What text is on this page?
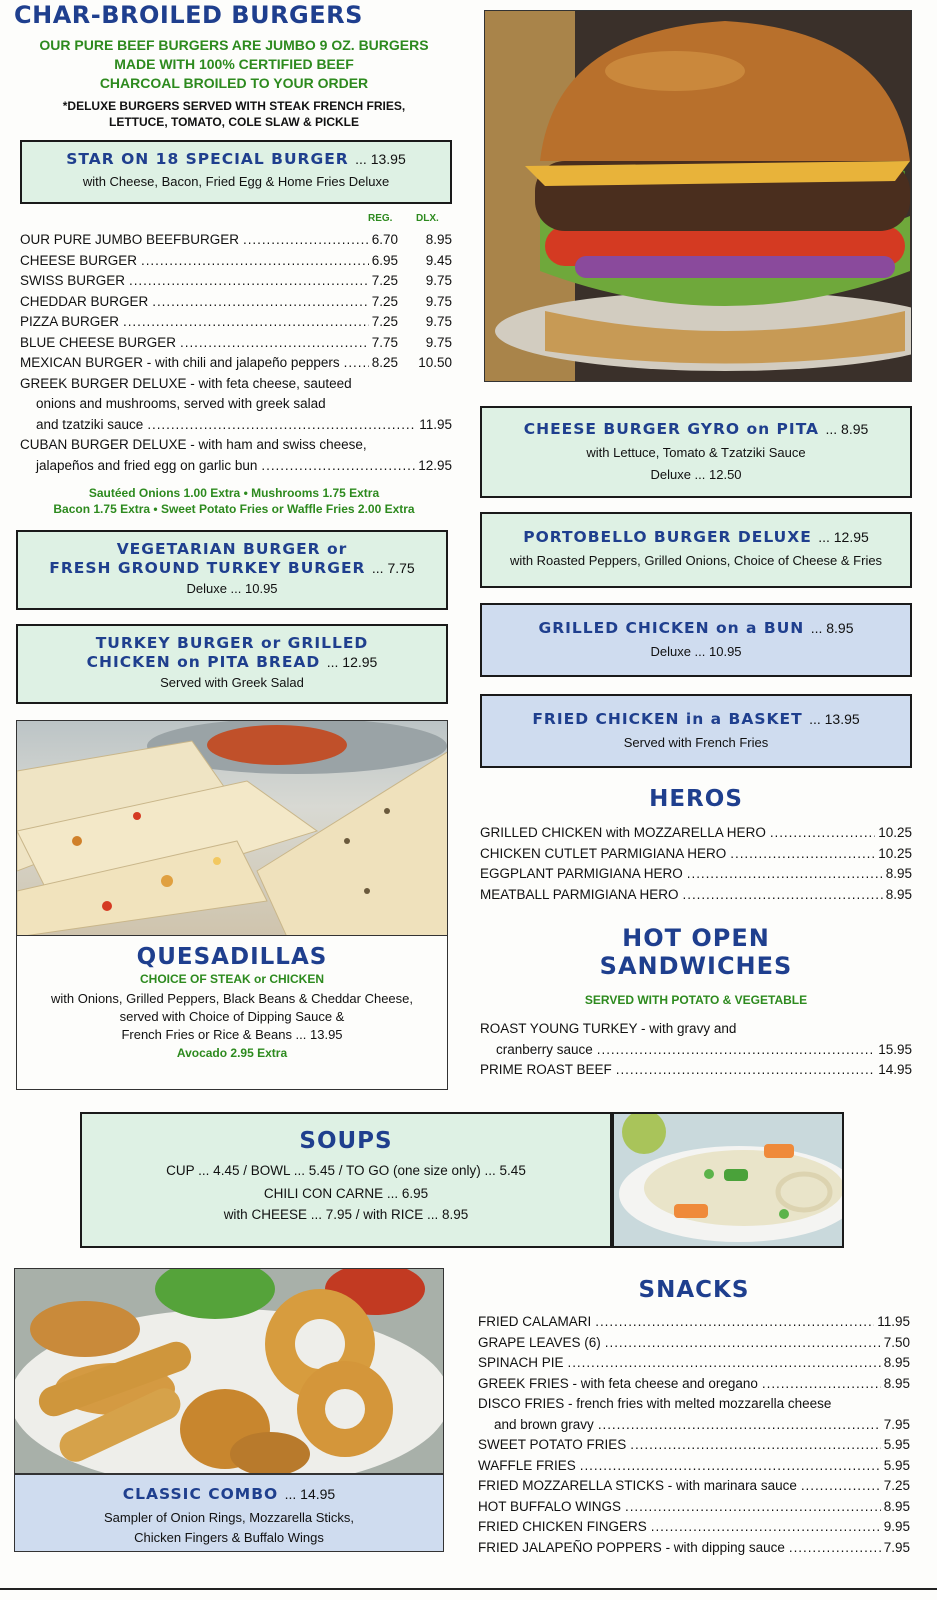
CHAR-BROILED BURGERS
OUR PURE BEEF BURGERS ARE JUMBO 9 OZ. BURGERS
MADE WITH 100% CERTIFIED BEEF
CHARCOAL BROILED TO YOUR ORDER
*DELUXE BURGERS SERVED WITH STEAK FRENCH FRIES,
LETTUCE, TOMATO, COLE SLAW & PICKLE
STAR ON 18 SPECIAL BURGER ... 13.95
with Cheese, Bacon, Fried Egg & Home Fries Deluxe
REG. DLX.
OUR PURE JUMBO BEEFBURGER . . .	6.70	8.95
CHEESE BURGER . . .	6.95	9.45
SWISS BURGER . . .	7.25	9.75
CHEDDAR BURGER . . .	7.25	9.75
PIZZA BURGER . . .	7.25	9.75
BLUE CHEESE BURGER . . .	7.75	9.75
MEXICAN BURGER - with chili and jalapeño peppers . . . 8.25	10.50
GREEK BURGER DELUXE - with feta cheese, sauteed
onions and mushrooms, served with greek salad
and tzatziki sauce . . .	11.95
CUBAN BURGER DELUXE - with ham and swiss cheese,
jalapeños and fried egg on garlic bun . . .	12.95
Sautéed Onions 1.00 Extra • Mushrooms 1.75 Extra
Bacon 1.75 Extra • Sweet Potato Fries or Waffle Fries 2.00 Extra
VEGETARIAN BURGER or
FRESH GROUND TURKEY BURGER ... 7.75
Deluxe ... 10.95
TURKEY BURGER or GRILLED
CHICKEN on PITA BREAD ... 12.95
Served with Greek Salad
QUESADILLAS
CHOICE OF STEAK or CHICKEN
with Onions, Grilled Peppers, Black Beans & Cheddar Cheese,
served with Choice of Dipping Sauce &
French Fries or Rice & Beans ... 13.95
Avocado 2.95 Extra
CHEESE BURGER GYRO on PITA ... 8.95
with Lettuce, Tomato & Tzatziki Sauce
Deluxe ... 12.50
PORTOBELLO BURGER DELUXE ... 12.95
with Roasted Peppers, Grilled Onions, Choice of Cheese & Fries
GRILLED CHICKEN on a BUN ... 8.95
Deluxe ... 10.95
FRIED CHICKEN in a BASKET ... 13.95
Served with French Fries
HEROS
GRILLED CHICKEN with MOZZARELLA HERO . . .	10.25
CHICKEN CUTLET PARMIGIANA HERO . . .	10.25
EGGPLANT PARMIGIANA HERO . . .	8.95
MEATBALL PARMIGIANA HERO . . .	8.95
HOT OPEN
SANDWICHES
SERVED WITH POTATO & VEGETABLE
ROAST YOUNG TURKEY - with gravy and
cranberry sauce . . .	15.95
PRIME ROAST BEEF . . .	14.95
SOUPS
CUP ... 4.45 / BOWL ... 5.45 / TO GO (one size only) ... 5.45
CHILI CON CARNE ... 6.95
with CHEESE ... 7.95 / with RICE ... 8.95
CLASSIC COMBO ... 14.95
Sampler of Onion Rings, Mozzarella Sticks,
Chicken Fingers & Buffalo Wings
SNACKS
FRIED CALAMARI . . .	11.95
GRAPE LEAVES (6) . . .	7.50
SPINACH PIE . . .	8.95
GREEK FRIES - with feta cheese and oregano . . .	8.95
DISCO FRIES - french fries with melted mozzarella cheese
and brown gravy . . .	7.95
SWEET POTATO FRIES . . .	5.95
WAFFLE FRIES . . .	5.95
FRIED MOZZARELLA STICKS - with marinara sauce . . .	7.25
HOT BUFFALO WINGS . . .	8.95
FRIED CHICKEN FINGERS . . .	9.95
FRIED JALAPEÑO POPPERS - with dipping sauce . . .	7.95
